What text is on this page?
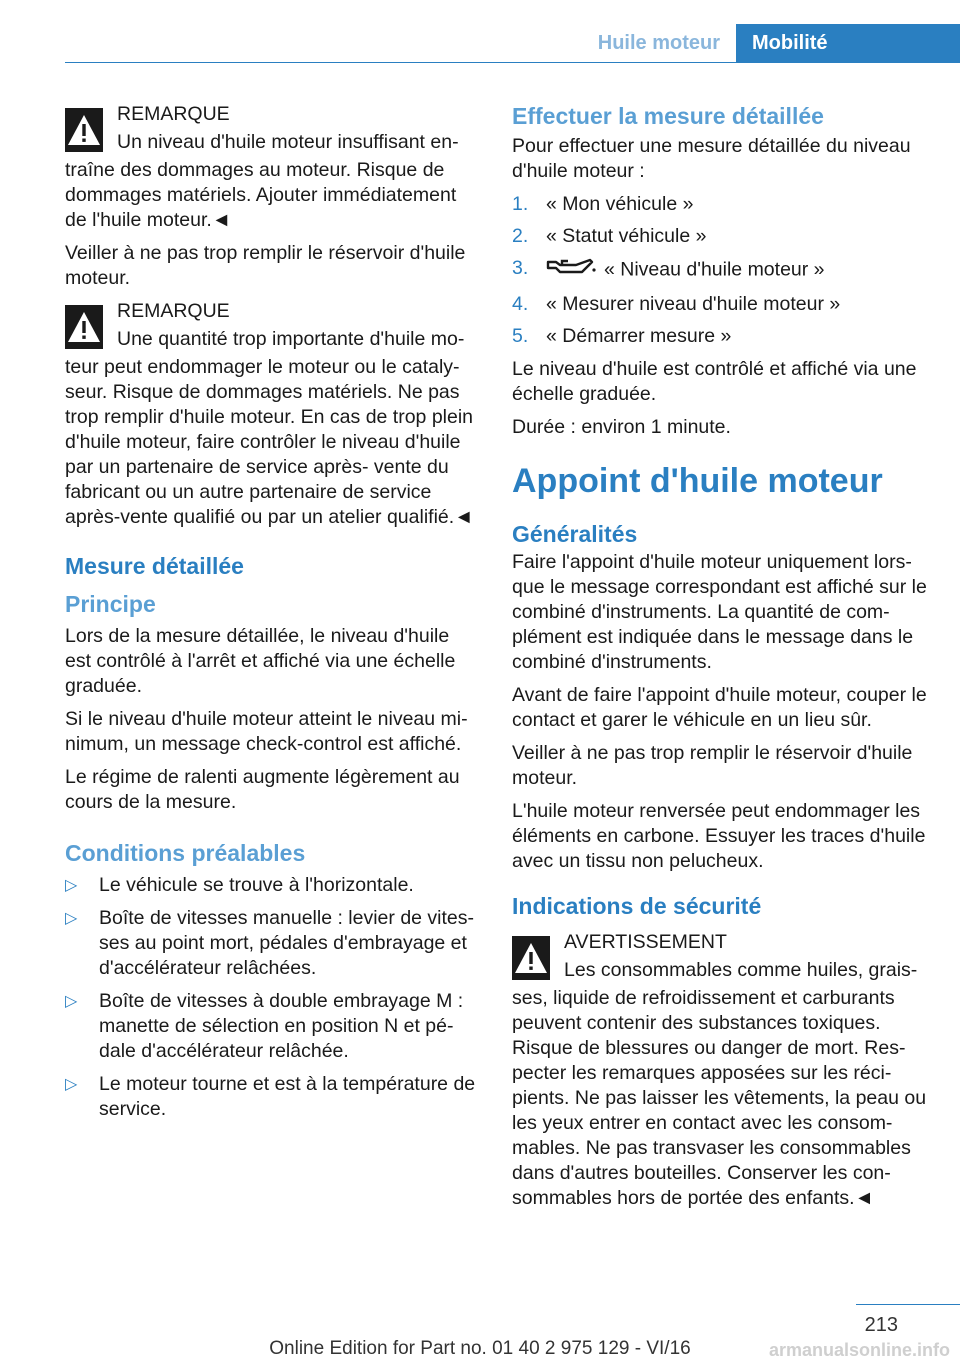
Huile moteur	Mobilité
REMARQUE
Un niveau d'huile moteur insuffisant en-
traîne des dommages au moteur. Risque de dommages matériels. Ajouter immédiatement de l'huile moteur.◄

Veiller à ne pas trop remplir le réservoir d'huile moteur.

REMARQUE
Une quantité trop importante d'huile mo-
teur peut endommager le moteur ou le cataly- seur. Risque de dommages matériels. Ne pas trop remplir d'huile moteur. En cas de trop plein d'huile moteur, faire contrôler le niveau d'huile par un partenaire de service après- vente du fabricant ou un autre partenaire de service après-vente qualifié ou par un atelier qualifié.◄
Mesure détaillée
Principe

Lors de la mesure détaillée, le niveau d'huile est contrôlé à l'arrêt et affiché via une échelle graduée.

Si le niveau d'huile moteur atteint le niveau mi- nimum, un message check-control est affiché.

Le régime de ralenti augmente légèrement au cours de la mesure.

Conditions préalables
▷ Le véhicule se trouve à l'horizontale.
▷ Boîte de vitesses manuelle : levier de vites- ses au point mort, pédales d'embrayage et d'accélérateur relâchées.
▷ Boîte de vitesses à double embrayage M : manette de sélection en position N et pé- dale d'accélérateur relâchée.
▷ Le moteur tourne et est à la température de service.
Effectuer la mesure détaillée

Pour effectuer une mesure détaillée du niveau d'huile moteur :

1. « Mon véhicule »
2. « Statut véhicule »
3.	« Niveau d'huile moteur »
4. « Mesurer niveau d'huile moteur »
5. « Démarrer mesure »

Le niveau d'huile est contrôlé et affiché via une échelle graduée.

Durée : environ 1 minute.

Appoint d'huile moteur
Généralités

Faire l'appoint d'huile moteur uniquement lors- que le message correspondant est affiché sur le combiné d'instruments. La quantité de com- plément est indiquée dans le message dans le combiné d'instruments.

Avant de faire l'appoint d'huile moteur, couper le contact et garer le véhicule en un lieu sûr.

Veiller à ne pas trop remplir le réservoir d'huile moteur.

L'huile moteur renversée peut endommager les éléments en carbone. Essuyer les traces d'huile avec un tissu non pelucheux.

Indications de sécurité
AVERTISSEMENT
Les consommables comme huiles, grais-
ses, liquide de refroidissement et carburants peuvent contenir des substances toxiques. Risque de blessures ou danger de mort. Res- pecter les remarques apposées sur les réci- pients. Ne pas laisser les vêtements, la peau ou les yeux entrer en contact avec les consom- mables. Ne pas transvaser les consommables dans d'autres bouteilles. Conserver les con- sommables hors de portée des enfants.◄
213
Online Edition for Part no. 01 40 2 975 129 - VI/16	armanualsonline.info
